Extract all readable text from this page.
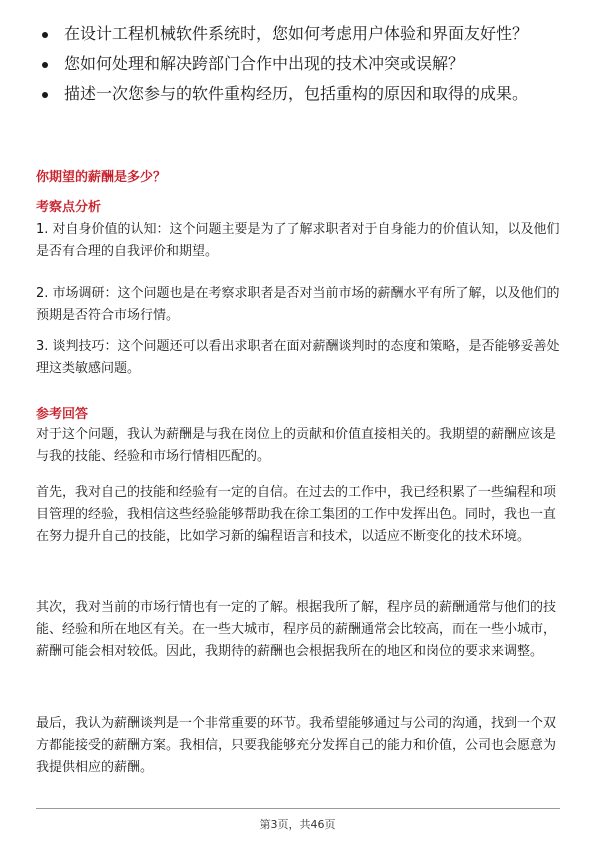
在设计工程机械软件系统时，您如何考虑用户体验和界面友好性？
您如何处理和解决跨部门合作中出现的技术冲突或误解？
描述一次您参与的软件重构经历，包括重构的原因和取得的成果。
你期望的薪酬是多少？
考察点分析

1. 对自身价值的认知：这个问题主要是为了了解求职者对于自身能力的价值认知，以及他们是否有合理的自我评价和期望。

2. 市场调研：这个问题也是在考察求职者是否对当前市场的薪酬水平有所了解，以及他们的预期是否符合市场行情。

3. 谈判技巧：这个问题还可以看出求职者在面对薪酬谈判时的态度和策略，是否能够妥善处理这类敏感问题。

参考回答

对于这个问题，我认为薪酬是与我在岗位上的贡献和价值直接相关的。我期望的薪酬应该是与我的技能、经验和市场行情相匹配的。

首先，我对自己的技能和经验有一定的自信。在过去的工作中，我已经积累了一些编程和项目管理的经验，我相信这些经验能够帮助我在徐工集团的工作中发挥出色。同时，我也一直在努力提升自己的技能，比如学习新的编程语言和技术，以适应不断变化的技术环境。

其次，我对当前的市场行情也有一定的了解。根据我所了解，程序员的薪酬通常与他们的技能、经验和所在地区有关。在一些大城市，程序员的薪酬通常会比较高，而在一些小城市，薪酬可能会相对较低。因此，我期待的薪酬也会根据我所在的地区和岗位的要求来调整。

最后，我认为薪酬谈判是一个非常重要的环节。我希望能够通过与公司的沟通，找到一个双方都能接受的薪酬方案。我相信，只要我能够充分发挥自己的能力和价值，公司也会愿意为我提供相应的薪酬。

第3页，共46页
